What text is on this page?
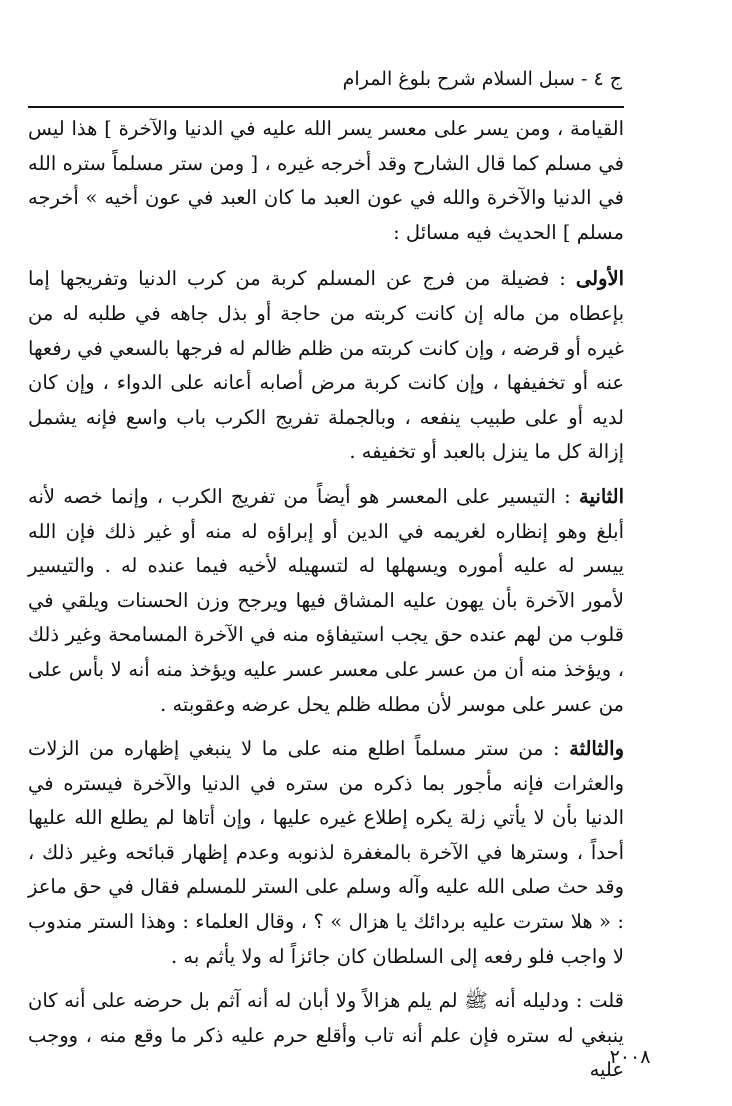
ج ٤ - سبل السلام شرح بلوغ المرام

القيامة ، ومن يسر على معسر يسر الله عليه في الدنيا والآخرة ] هذا ليس في مسلم كما قال الشارح وقد أخرجه غيره ، [ ومن ستر مسلماً ستره الله في الدنيا والآخرة والله في عون العبد ما كان العبد في عون أخيه » أخرجه مسلم ] الحديث فيه مسائل :

الأولى : فضيلة من فرج عن المسلم كربة من كرب الدنيا وتفريجها إما بإعطاه من ماله إن كانت كربته من حاجة أو بذل جاهه في طلبه له من غيره أو قرضه ، وإن كانت كربته من ظلم ظالم له فرجها بالسعي في رفعها عنه أو تخفيفها ، وإن كانت كربة مرض أصابه أعانه على الدواء ، وإن كان لديه أو على طبيب ينفعه ، وبالجملة تفريج الكرب باب واسع فإنه يشمل إزالة كل ما ينزل بالعبد أو تخفيفه .

الثانية : التيسير على المعسر هو أيضاً من تفريج الكرب ، وإنما خصه لأنه أبلغ وهو إنظاره لغريمه في الدين أو إبراؤه له منه أو غير ذلك فإن الله ييسر له عليه أموره ويسهلها له لتسهيله لأخيه فيما عنده له . والتيسير لأمور الآخرة بأن يهون عليه المشاق فيها ويرجح وزن الحسنات ويلقي في قلوب من لهم عنده حق يجب استيفاؤه منه في الآخرة المسامحة وغير ذلك ، ويؤخذ منه أن من عسر على معسر عسر عليه ويؤخذ منه أنه لا بأس على من عسر على موسر لأن مطله ظلم يحل عرضه وعقوبته .

والثالثة : من ستر مسلماً اطلع منه على ما لا ينبغي إظهاره من الزلات والعثرات فإنه مأجور بما ذكره من ستره في الدنيا والآخرة فيستره في الدنيا بأن لا يأتي زلة يكره إطلاع غيره عليها ، وإن أتاها لم يطلع الله عليها أحداً ، وسترها في الآخرة بالمغفرة لذنوبه وعدم إظهار قبائحه وغير ذلك ، وقد حث صلى الله عليه وآله وسلم على الستر للمسلم فقال في حق ماعز : « هلا سترت عليه بردائك يا هزال » ؟ ، وقال العلماء : وهذا الستر مندوب لا واجب فلو رفعه إلى السلطان كان جائزاً له ولا يأثم به .

قلت : ودليله أنه ﷺ لم يلم هزالاً ولا أبان له أنه آثم بل حرضه على أنه كان ينبغي له ستره فإن علم أنه تاب وأقلع حرم عليه ذكر ما وقع منه ، ووجب عليه

٢٠٠٨
